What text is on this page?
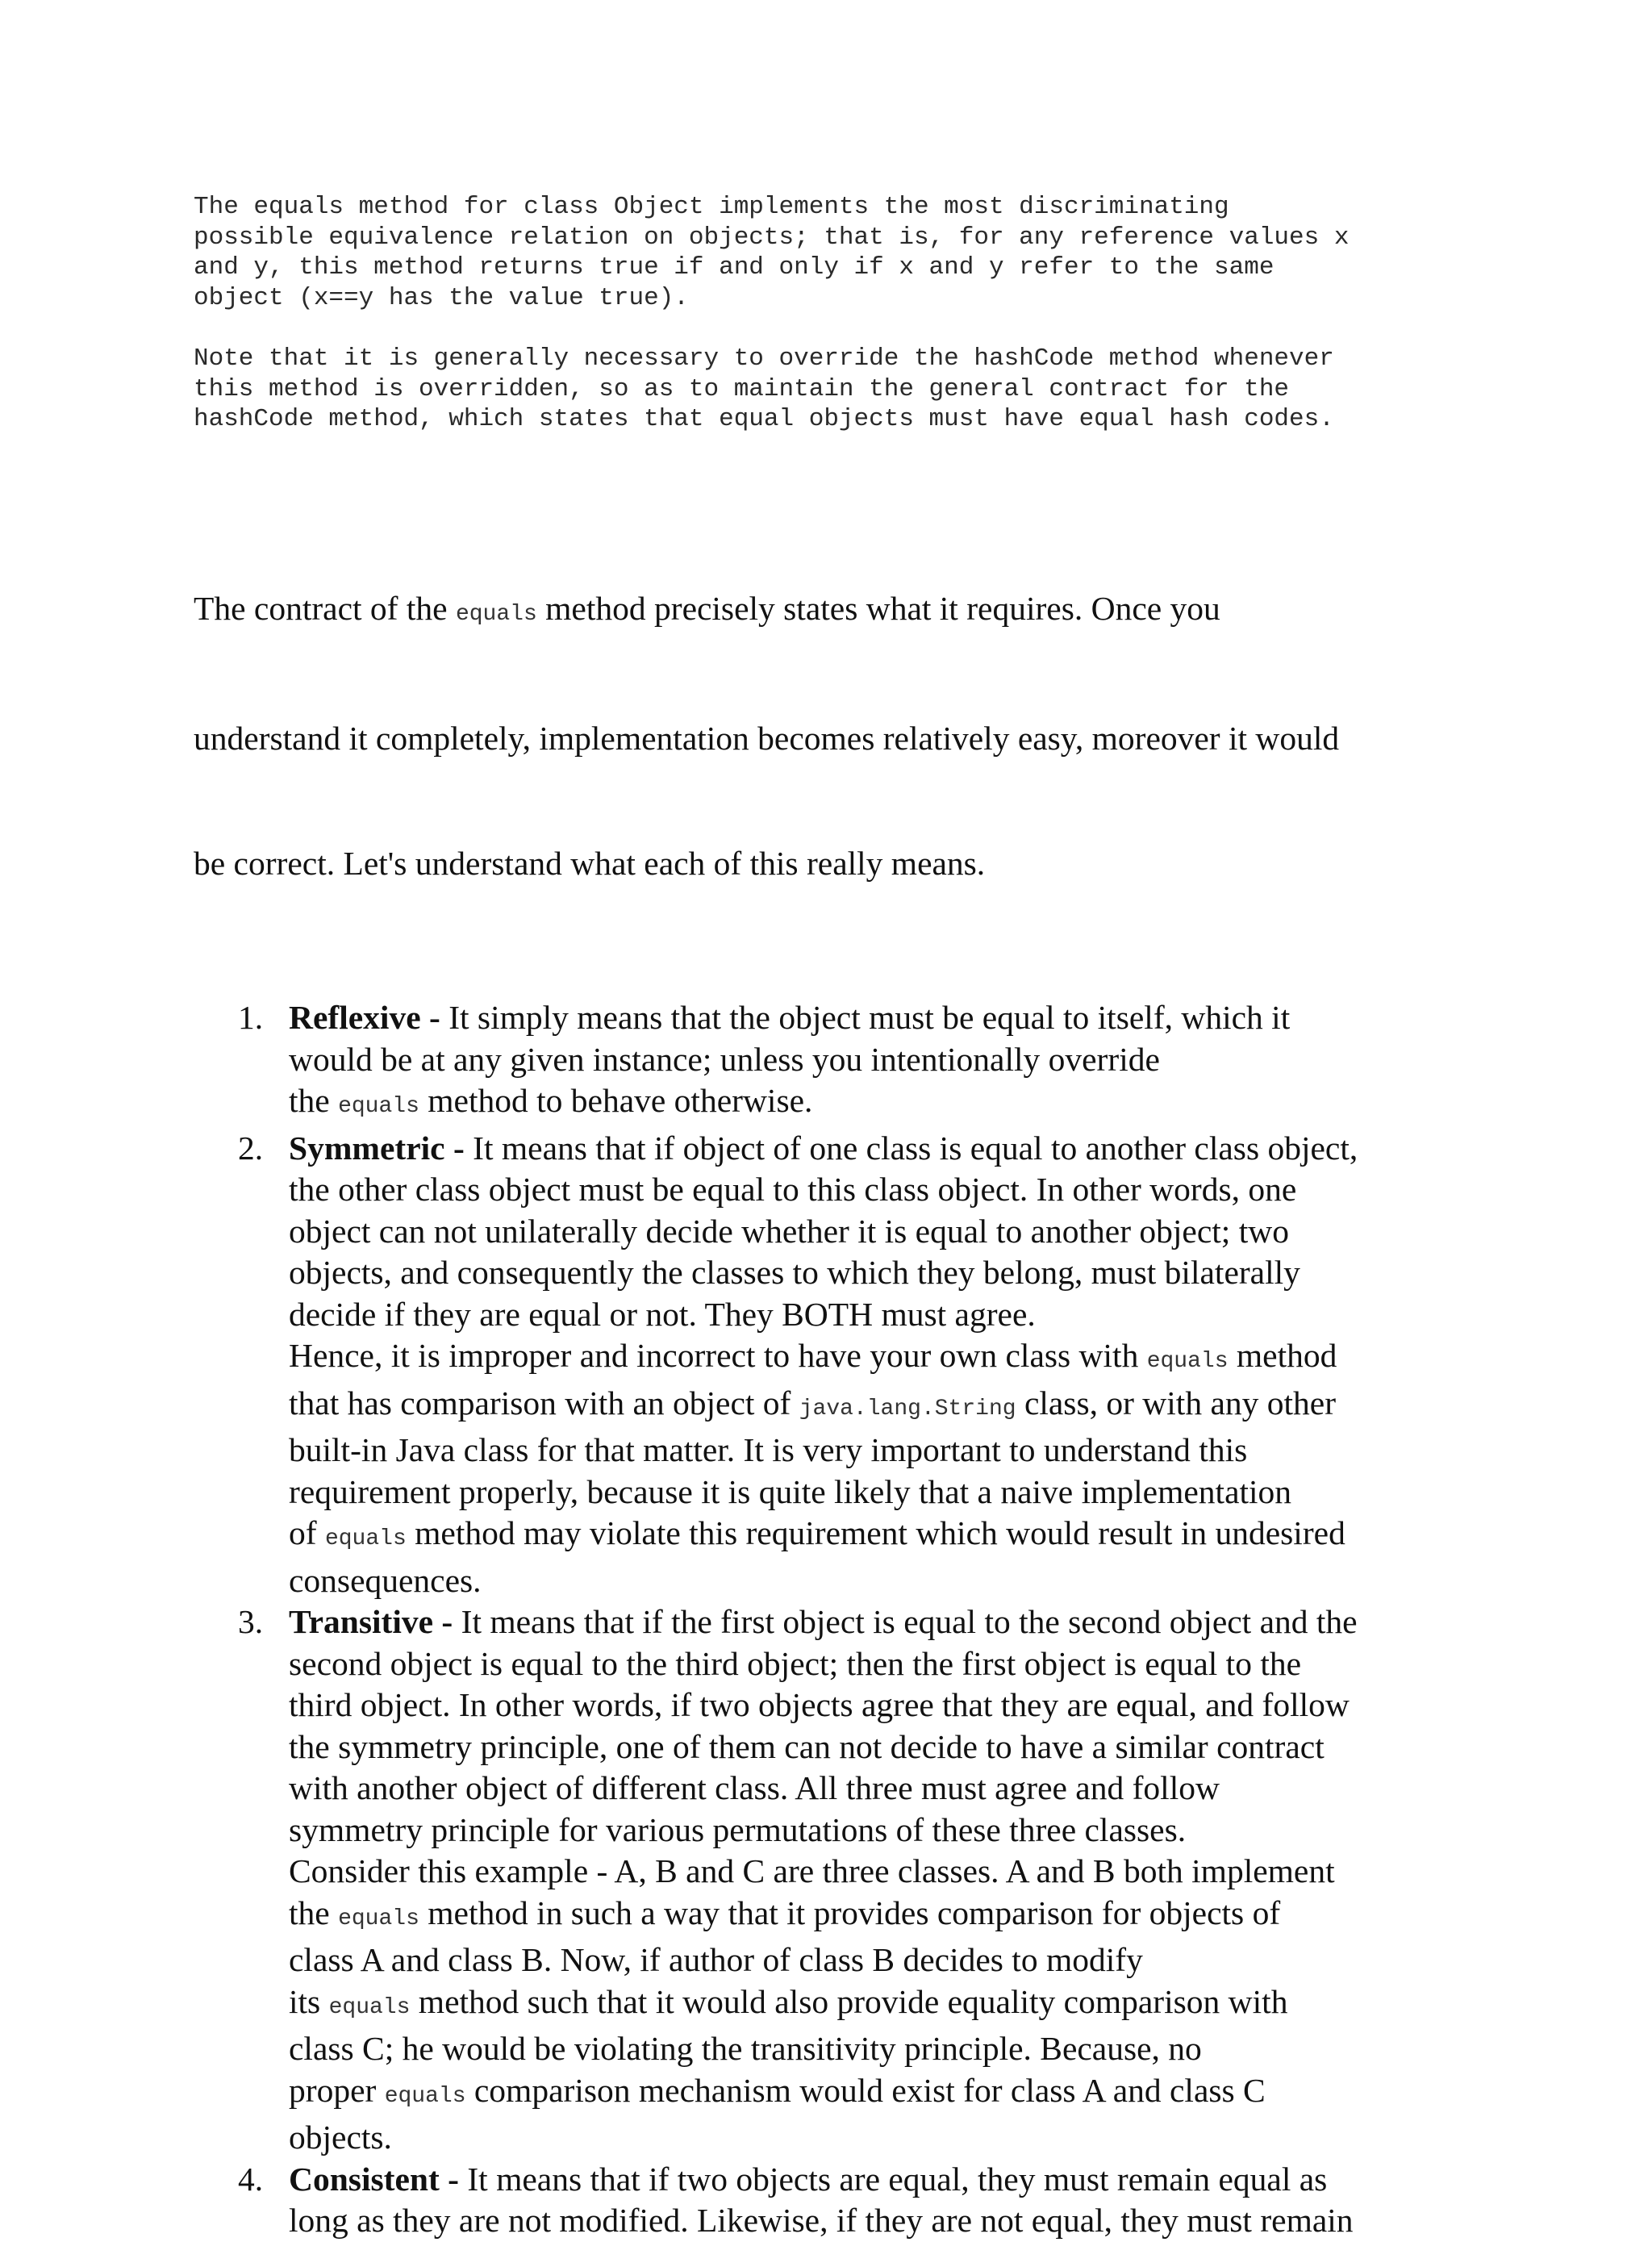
The equals method for class Object implements the most discriminating
possible equivalence relation on objects; that is, for any reference values x
and y, this method returns true if and only if x and y refer to the same
object (x==y has the value true).
Note that it is generally necessary to override the hashCode method whenever
this method is overridden, so as to maintain the general contract for the
hashCode method, which states that equal objects must have equal hash codes.

The contract of the equals method precisely states what it requires. Once you

understand it completely, implementation becomes relatively easy, moreover it would

be correct. Let's understand what each of this really means.

1. Reflexive - It simply means that the object must be equal to itself, which it
would be at any given instance; unless you intentionally override
the equals method to behave otherwise.
2. Symmetric - It means that if object of one class is equal to another class object,
the other class object must be equal to this class object. In other words, one
object can not unilaterally decide whether it is equal to another object; two
objects, and consequently the classes to which they belong, must bilaterally
decide if they are equal or not. They BOTH must agree.
Hence, it is improper and incorrect to have your own class with equals method
that has comparison with an object of java.lang.String class, or with any other
built-in Java class for that matter. It is very important to understand this
requirement properly, because it is quite likely that a naive implementation
of equals method may violate this requirement which would result in undesired
consequences.
3. Transitive - It means that if the first object is equal to the second object and the
second object is equal to the third object; then the first object is equal to the
third object. In other words, if two objects agree that they are equal, and follow
the symmetry principle, one of them can not decide to have a similar contract
with another object of different class. All three must agree and follow
symmetry principle for various permutations of these three classes.
Consider this example - A, B and C are three classes. A and B both implement
the equals method in such a way that it provides comparison for objects of
class A and class B. Now, if author of class B decides to modify
its equals method such that it would also provide equality comparison with
class C; he would be violating the transitivity principle. Because, no
proper equals comparison mechanism would exist for class A and class C
objects.
4. Consistent - It means that if two objects are equal, they must remain equal as
long as they are not modified. Likewise, if they are not equal, they must remain
